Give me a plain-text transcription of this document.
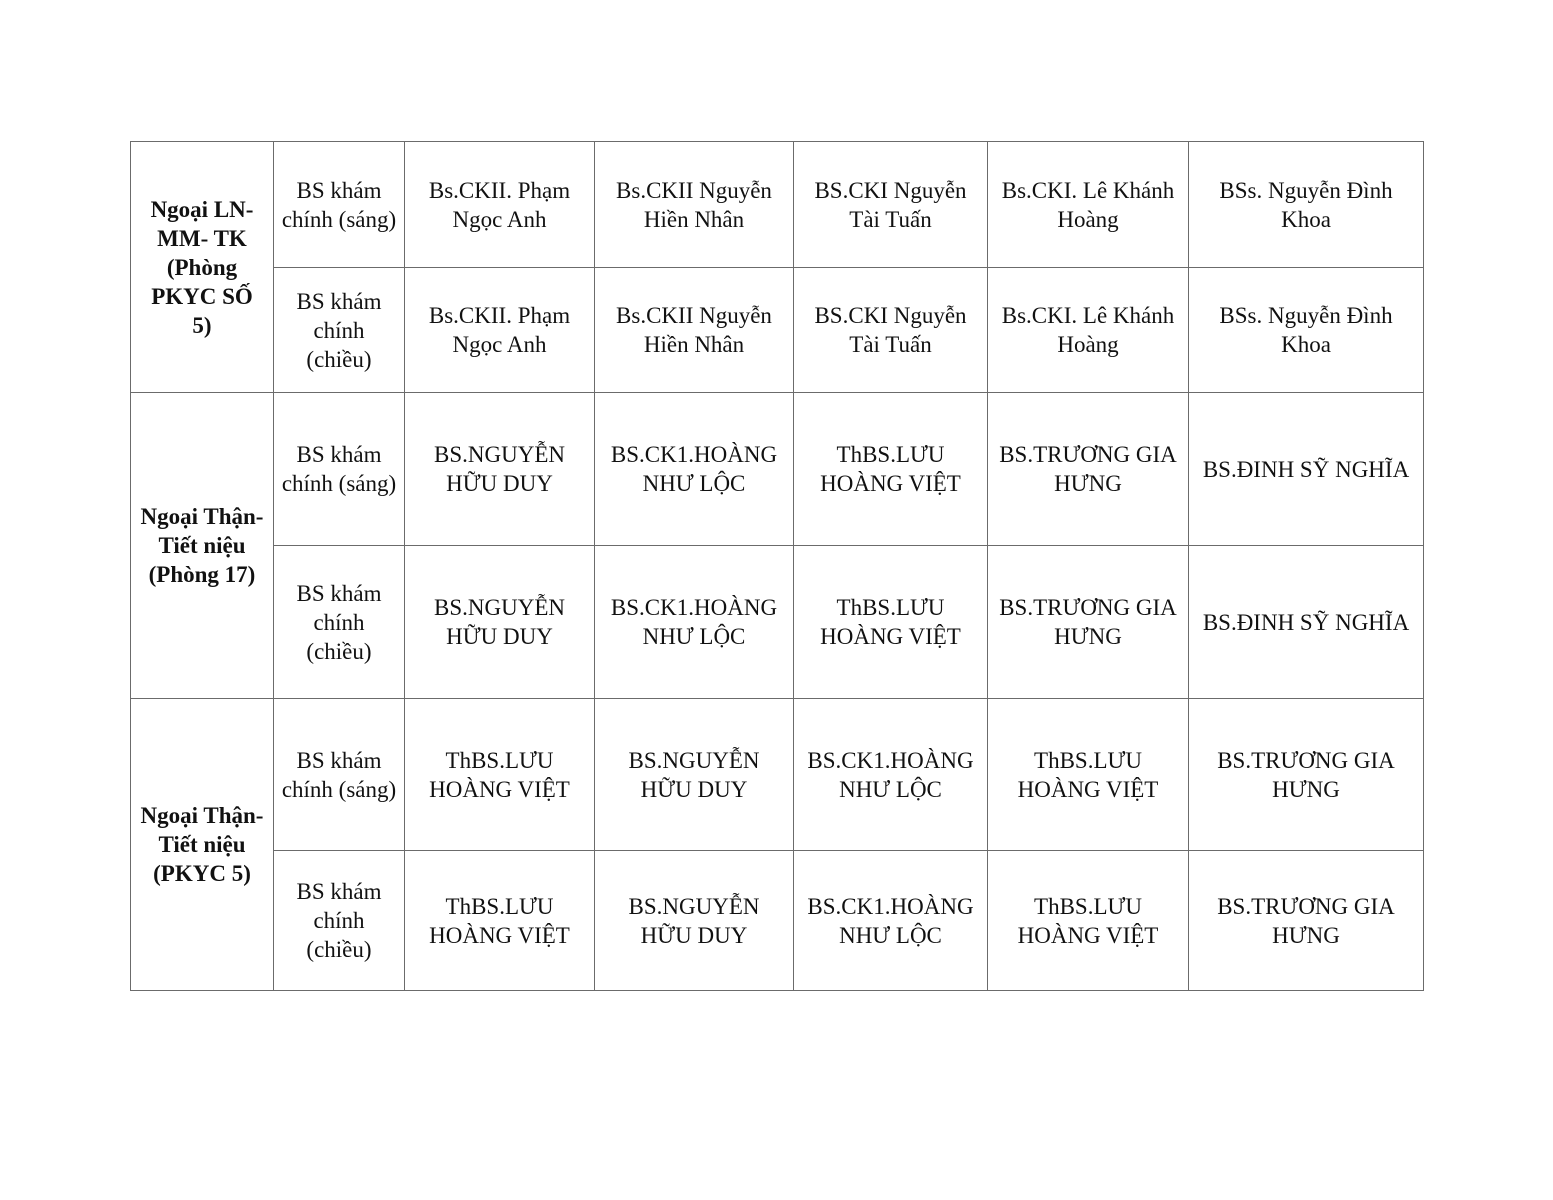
Ngoại LN-MM- TK (Phòng PKYC SỐ 5)	BS khám chính (sáng)	Bs.CKII. Phạm Ngọc Anh	Bs.CKII Nguyễn Hiền Nhân	BS.CKI Nguyễn Tài Tuấn	Bs.CKI. Lê Khánh Hoàng	BSs. Nguyễn Đình Khoa
	BS khám chính (chiều)	Bs.CKII. Phạm Ngọc Anh	Bs.CKII Nguyễn Hiền Nhân	BS.CKI Nguyễn Tài Tuấn	Bs.CKI. Lê Khánh Hoàng	BSs. Nguyễn Đình Khoa
Ngoại Thận-Tiết niệu (Phòng 17)	BS khám chính (sáng)	BS.NGUYỄN HỮU DUY	BS.CK1.HOÀNG NHƯ LỘC	ThBS.LƯU HOÀNG VIỆT	BS.TRƯƠNG GIA HƯNG	BS.ĐINH SỸ NGHĨA
	BS khám chính (chiều)	BS.NGUYỄN HỮU DUY	BS.CK1.HOÀNG NHƯ LỘC	ThBS.LƯU HOÀNG VIỆT	BS.TRƯƠNG GIA HƯNG	BS.ĐINH SỸ NGHĨA
Ngoại Thận-Tiết niệu (PKYC 5)	BS khám chính (sáng)	ThBS.LƯU HOÀNG VIỆT	BS.NGUYỄN HỮU DUY	BS.CK1.HOÀNG NHƯ LỘC	ThBS.LƯU HOÀNG VIỆT	BS.TRƯƠNG GIA HƯNG
	BS khám chính (chiều)	ThBS.LƯU HOÀNG VIỆT	BS.NGUYỄN HỮU DUY	BS.CK1.HOÀNG NHƯ LỘC	ThBS.LƯU HOÀNG VIỆT	BS.TRƯƠNG GIA HƯNG
